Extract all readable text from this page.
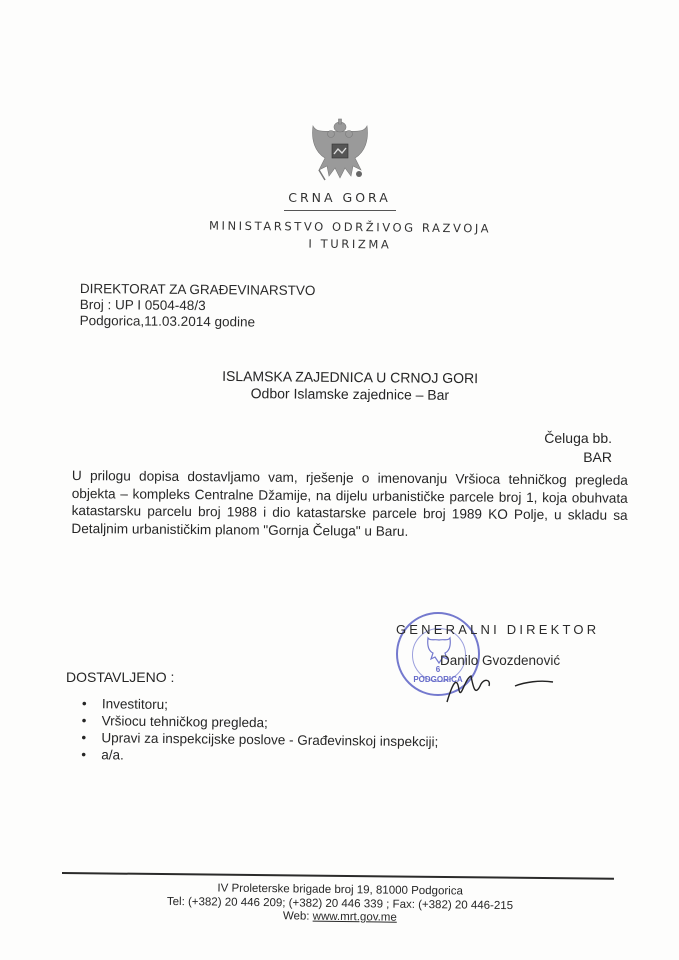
CRNA GORA
MINISTARSTVO ODRŽIVOG RAZVOJA
I TURIZMA
DIREKTORAT ZA GRAĐEVINARSTVO
Broj : UP I 0504-48/3
Podgorica,11.03.2014 godine
ISLAMSKA ZAJEDNICA U CRNOJ GORI
Odbor Islamske zajednice – Bar
Čeluga bb.
BAR
U prilogu dopisa dostavljamo vam, rješenje o imenovanju Vršioca tehničkog pregleda objekta – kompleks Centralne Džamije, na dijelu urbanističke parcele broj 1, koja obuhvata katastarsku parcelu broj 1988 i dio katastarske parcele broj 1989 KO Polje, u skladu sa Detaljnim urbanističkim planom "Gornja Čeluga" u Baru.
6
PODGORICA
GENERALNI DIREKTOR
Danilo Gvozdenović
DOSTAVLJENO :
• Investitoru;
• Vršiocu tehničkog pregleda;
• Upravi za inspekcijske poslove - Građevinskoj inspekciji;
• a/a.
IV Proleterske brigade broj 19, 81000 Podgorica
Tel: (+382) 20 446 209; (+382) 20 446 339 ; Fax: (+382) 20 446-215
Web: www.mrt.gov.me
